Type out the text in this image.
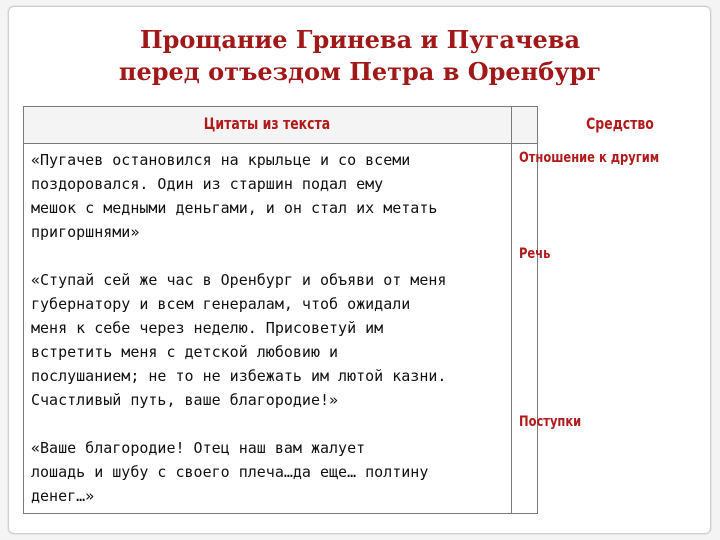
Прощание Гринева и Пугачева
перед отъездом Петра в Оренбург
Цитаты из текста	Средство
«Пугачев остановился на крыльце и со всеми
поздоровался. Один из старшин подал ему
мешок с медными деньгами, и он стал их метать
пригоршнями»
«Ступай сей же час в Оренбург и объяви от меня
губернатору и всем генералам, чтоб ожидали
меня к себе через неделю. Присоветуй им
встретить меня с детской любовию и
послушанием; не то не избежать им лютой казни.
Счастливый путь, ваше благородие!»
«Ваше благородие! Отец наш вам жалует
лошадь и шубу с своего плеча…да еще… полтину
денег…»
Отношение к другим
Речь
Поступки
